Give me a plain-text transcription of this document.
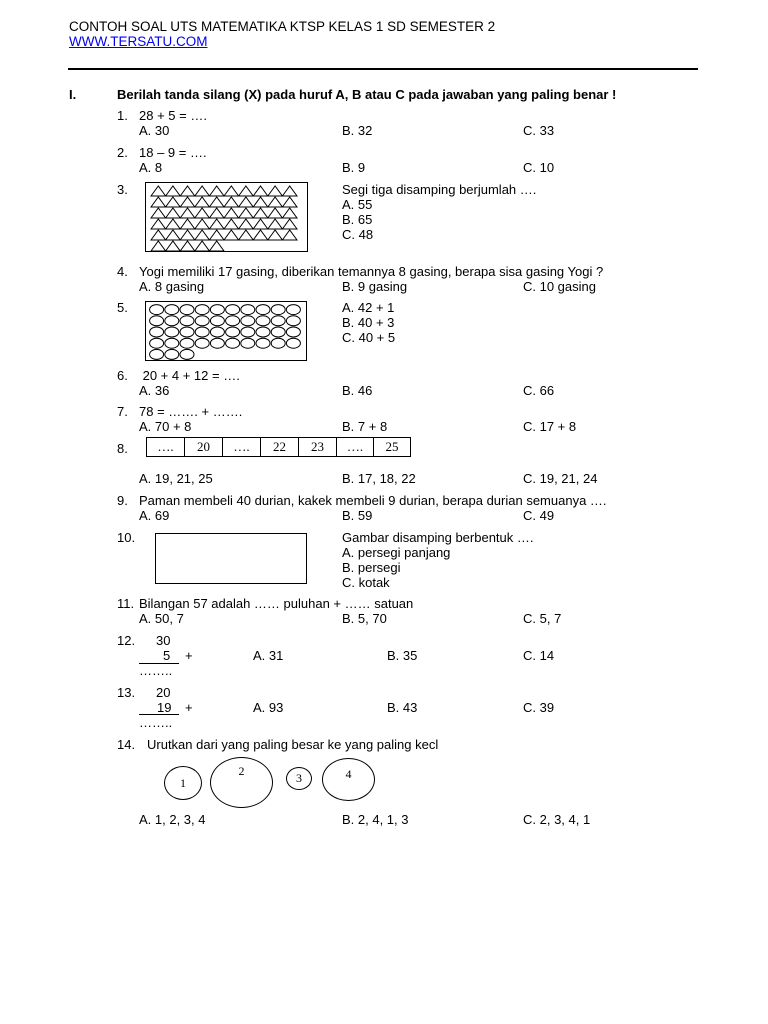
CONTOH SOAL UTS MATEMATIKA KTSP KELAS 1 SD SEMESTER 2
WWW.TERSATU.COM
I.	Berilah tanda silang (X) pada huruf A, B atau C pada jawaban yang paling benar !
1. 28 + 5 = ….
A. 30	B. 32	C. 33
2. 18 – 9 = ….
A. 8	B. 9	C. 10
3.	Segi tiga disamping berjumlah ….
A. 55
B. 65
C. 48
4. Yogi memiliki 17 gasing, diberikan temannya 8 gasing, berapa sisa gasing Yogi ?
A. 8 gasing	B. 9 gasing	C. 10 gasing
5.	A. 42 + 1
B. 40 + 3
C. 40 + 5
6. 20 + 4 + 12 = ….
A. 36	B. 46	C. 66
7. 78 = ……. + …….
A. 70 + 8	B. 7 + 8	C. 17 + 8
8.	….	20	….	22	23	….	25
A. 19, 21, 25	B. 17, 18, 22	C. 19, 21, 24
9. Paman membeli 40 durian, kakek membeli 9 durian, berapa durian semuanya ….
A. 69	B. 59	C. 49
10.	Gambar disamping berbentuk ….
A. persegi panjang
B. persegi
C. kotak
11. Bilangan 57 adalah …… puluhan + …… satuan
A. 50, 7	B. 5, 70	C. 5, 7
12. 30
5 +
……..
A. 31	B. 35	C. 14
13. 20
19 +
……..
A. 93	B. 43	C. 39
14. Urutkan dari yang paling besar ke yang paling kecl
1
2	3	4
A. 1, 2, 3, 4	B. 2, 4, 1, 3	C. 2, 3, 4, 1
